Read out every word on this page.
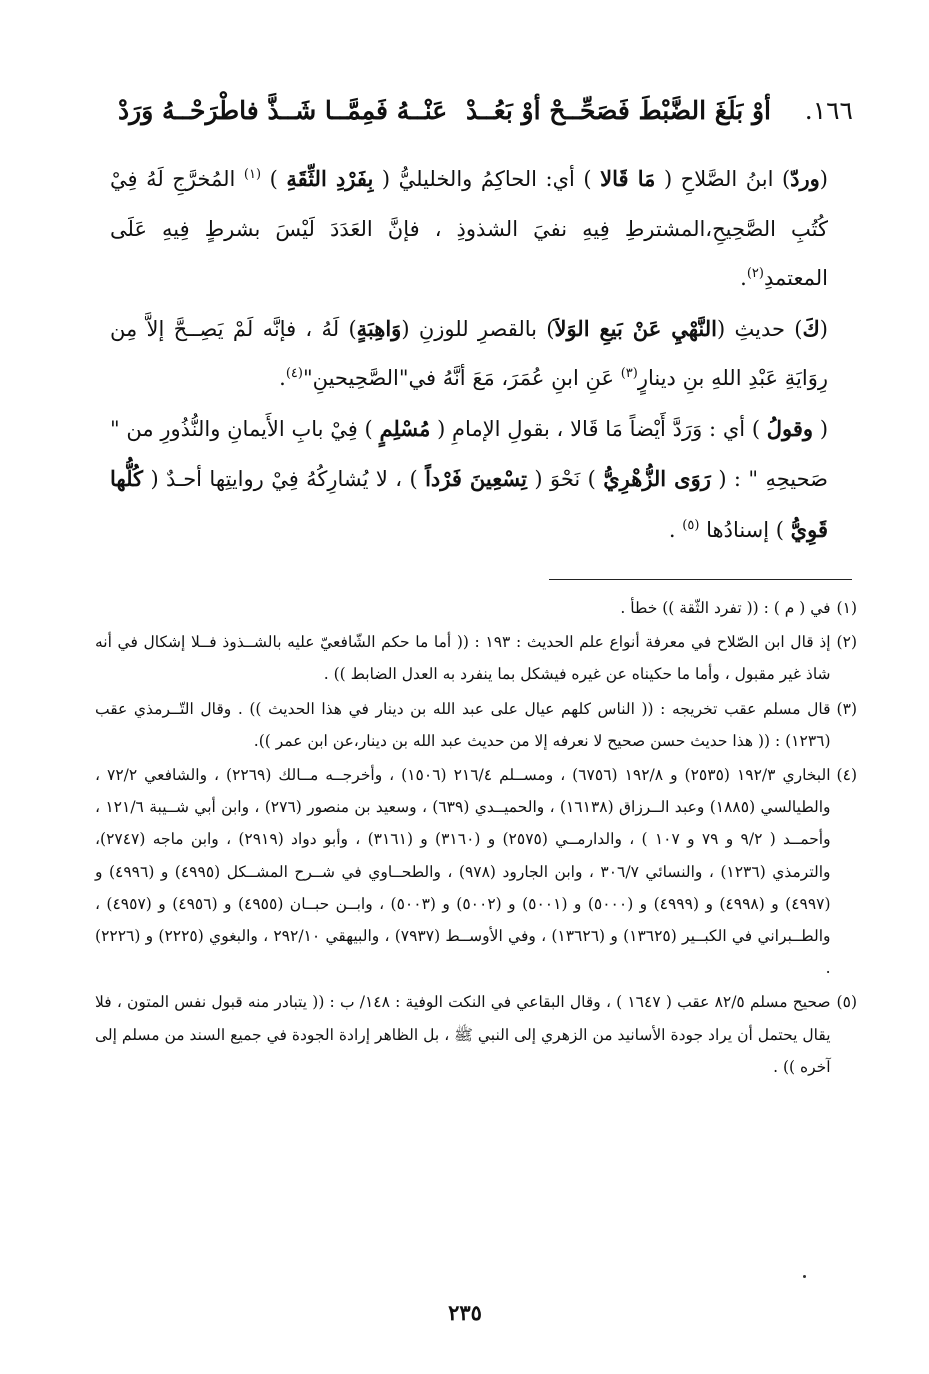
١٦٦.
أوْ بَلَغَ الضَّبْطَ فَصَحِّــحْ أوْ بَعُــدْ
عَنْــهُ فَمِمَّــا شَــذَّ فاطْرَحْــهُ وَرَدْ

(وردّ) ابنُ الصَّلاحِ ( مَا قَالا ) أي: الحاكِمُ والخليليُّ ( بِفَرْدِ الثِّقَةِ ) $^{(١)}$ المُخرَّجِ لَهُ فِيْ كُتُبِ الصَّحِيحِ،المشترطِ فِيهِ نفيَ الشذوذِ ، فإنَّ العَدَدَ لَيْسَ بشرطٍ فِيهِ عَلَى المعتمدِ$^{(٢)}$.

(كَ) حديثِ (النَّهْيِ عَنْ بَيعِ الوَلاَ) بالقصرِ للوزنِ (وَاهِبَةٍ) لَهُ ، فإنَّه لَمْ يَصِــحَّ إلاَّ مِن رِوَايَةِ عَبْدِ اللهِ بنِ دينارٍ$^{(٣)}$ عَنِ ابنِ عُمَرَ، مَعَ أنَّهُ في"الصَّحِيحينِ"$^{(٤)}$.

( وقولُ ) أي : وَرَدَّ أَيْضاً مَا قَالا ، بقولِ الإمامِ ( مُسْلِمٍ ) فِيْ بابِ الأَيمانِ والنُّذُورِ من " صَحيحِهِ " : ( رَوَى الزُّهْرِيُّ ) نَحْوَ ( تِسْعِينَ فَرْداً ) ، لا يُشارِكُهُ فِيْ روايتِها أحـدٌ ( كُلُّها قَوِيُّ ) إسنادُها $^{(٥)}$ .

(١)
في ( م ) : (( تفرد الثّقة )) خطأ .
(٢)
إذ قال ابن الصّلاح في معرفة أنواع علم الحديث : ١٩٣ : (( أما ما حكم الشّافعيّ عليه بالشــذوذ فــلا إشكال في أنه شاذ غير مقبول ، وأما ما حكيناه عن غيره فيشكل بما ينفرد به العدل الضابط )) .
(٣)
قال مسلم عقب تخريجه : (( الناس كلهم عيال على عبد الله بن دينار في هذا الحديث )) . وقال التّــرمذي عقب (١٢٣٦) : (( هذا حديث حسن صحيح لا نعرفه إلا من حديث عبد الله بن دينار،عن ابن عمر )).
(٤)
البخاري ١٩٢/٣ (٢٥٣٥) و ١٩٢/٨ (٦٧٥٦) ، ومســلم ٢١٦/٤ (١٥٠٦) ، وأخرجــه مــالك (٢٢٦٩) ، والشافعي ٧٢/٢ ، والطيالسي (١٨٨٥) وعبد الــرزاق (١٦١٣٨) ، والحميــدي (٦٣٩) ، وسعيد بن منصور (٢٧٦) ، وابن أبي شــيبة ١٢١/٦ ، وأحمــد ( ٩/٢ و ٧٩ و ١٠٧ ) ، والدارمــي (٢٥٧٥) و (٣١٦٠) و (٣١٦١) ، وأبو دواد (٢٩١٩) ، وابن ماجه (٢٧٤٧)، والترمذي (١٢٣٦) ، والنسائي ٣٠٦/٧ ، وابن الجارود (٩٧٨) ، والطحــاوي في شــرح المشــكل (٤٩٩٥) و (٤٩٩٦) و (٤٩٩٧) و (٤٩٩٨) و (٤٩٩٩) و (٥٠٠٠) و (٥٠٠١) و (٥٠٠٢) و (٥٠٠٣) ، وابــن حبــان (٤٩٥٥) و (٤٩٥٦) و (٤٩٥٧) ، والطــبراني في الكبــير (١٣٦٢٥) و (١٣٦٢٦) ، وفي الأوســط (٧٩٣٧) ، والبيهقي ٢٩٢/١٠ ، والبغوي (٢٢٢٥) و (٢٢٢٦) .
(٥)
صحيح مسلم ٨٢/٥ عقب ( ١٦٤٧ ) ، وقال البقاعي في النكت الوفية : ١٤٨/ ب : (( يتبادر منه قبول نفس المتون ، فلا يقال يحتمل أن يراد جودة الأسانيد من الزهري إلى النبي ﷺ ، بل الظاهر إرادة الجودة في جميع السند من مسلم إلى آخره )) .
٢٣٥
